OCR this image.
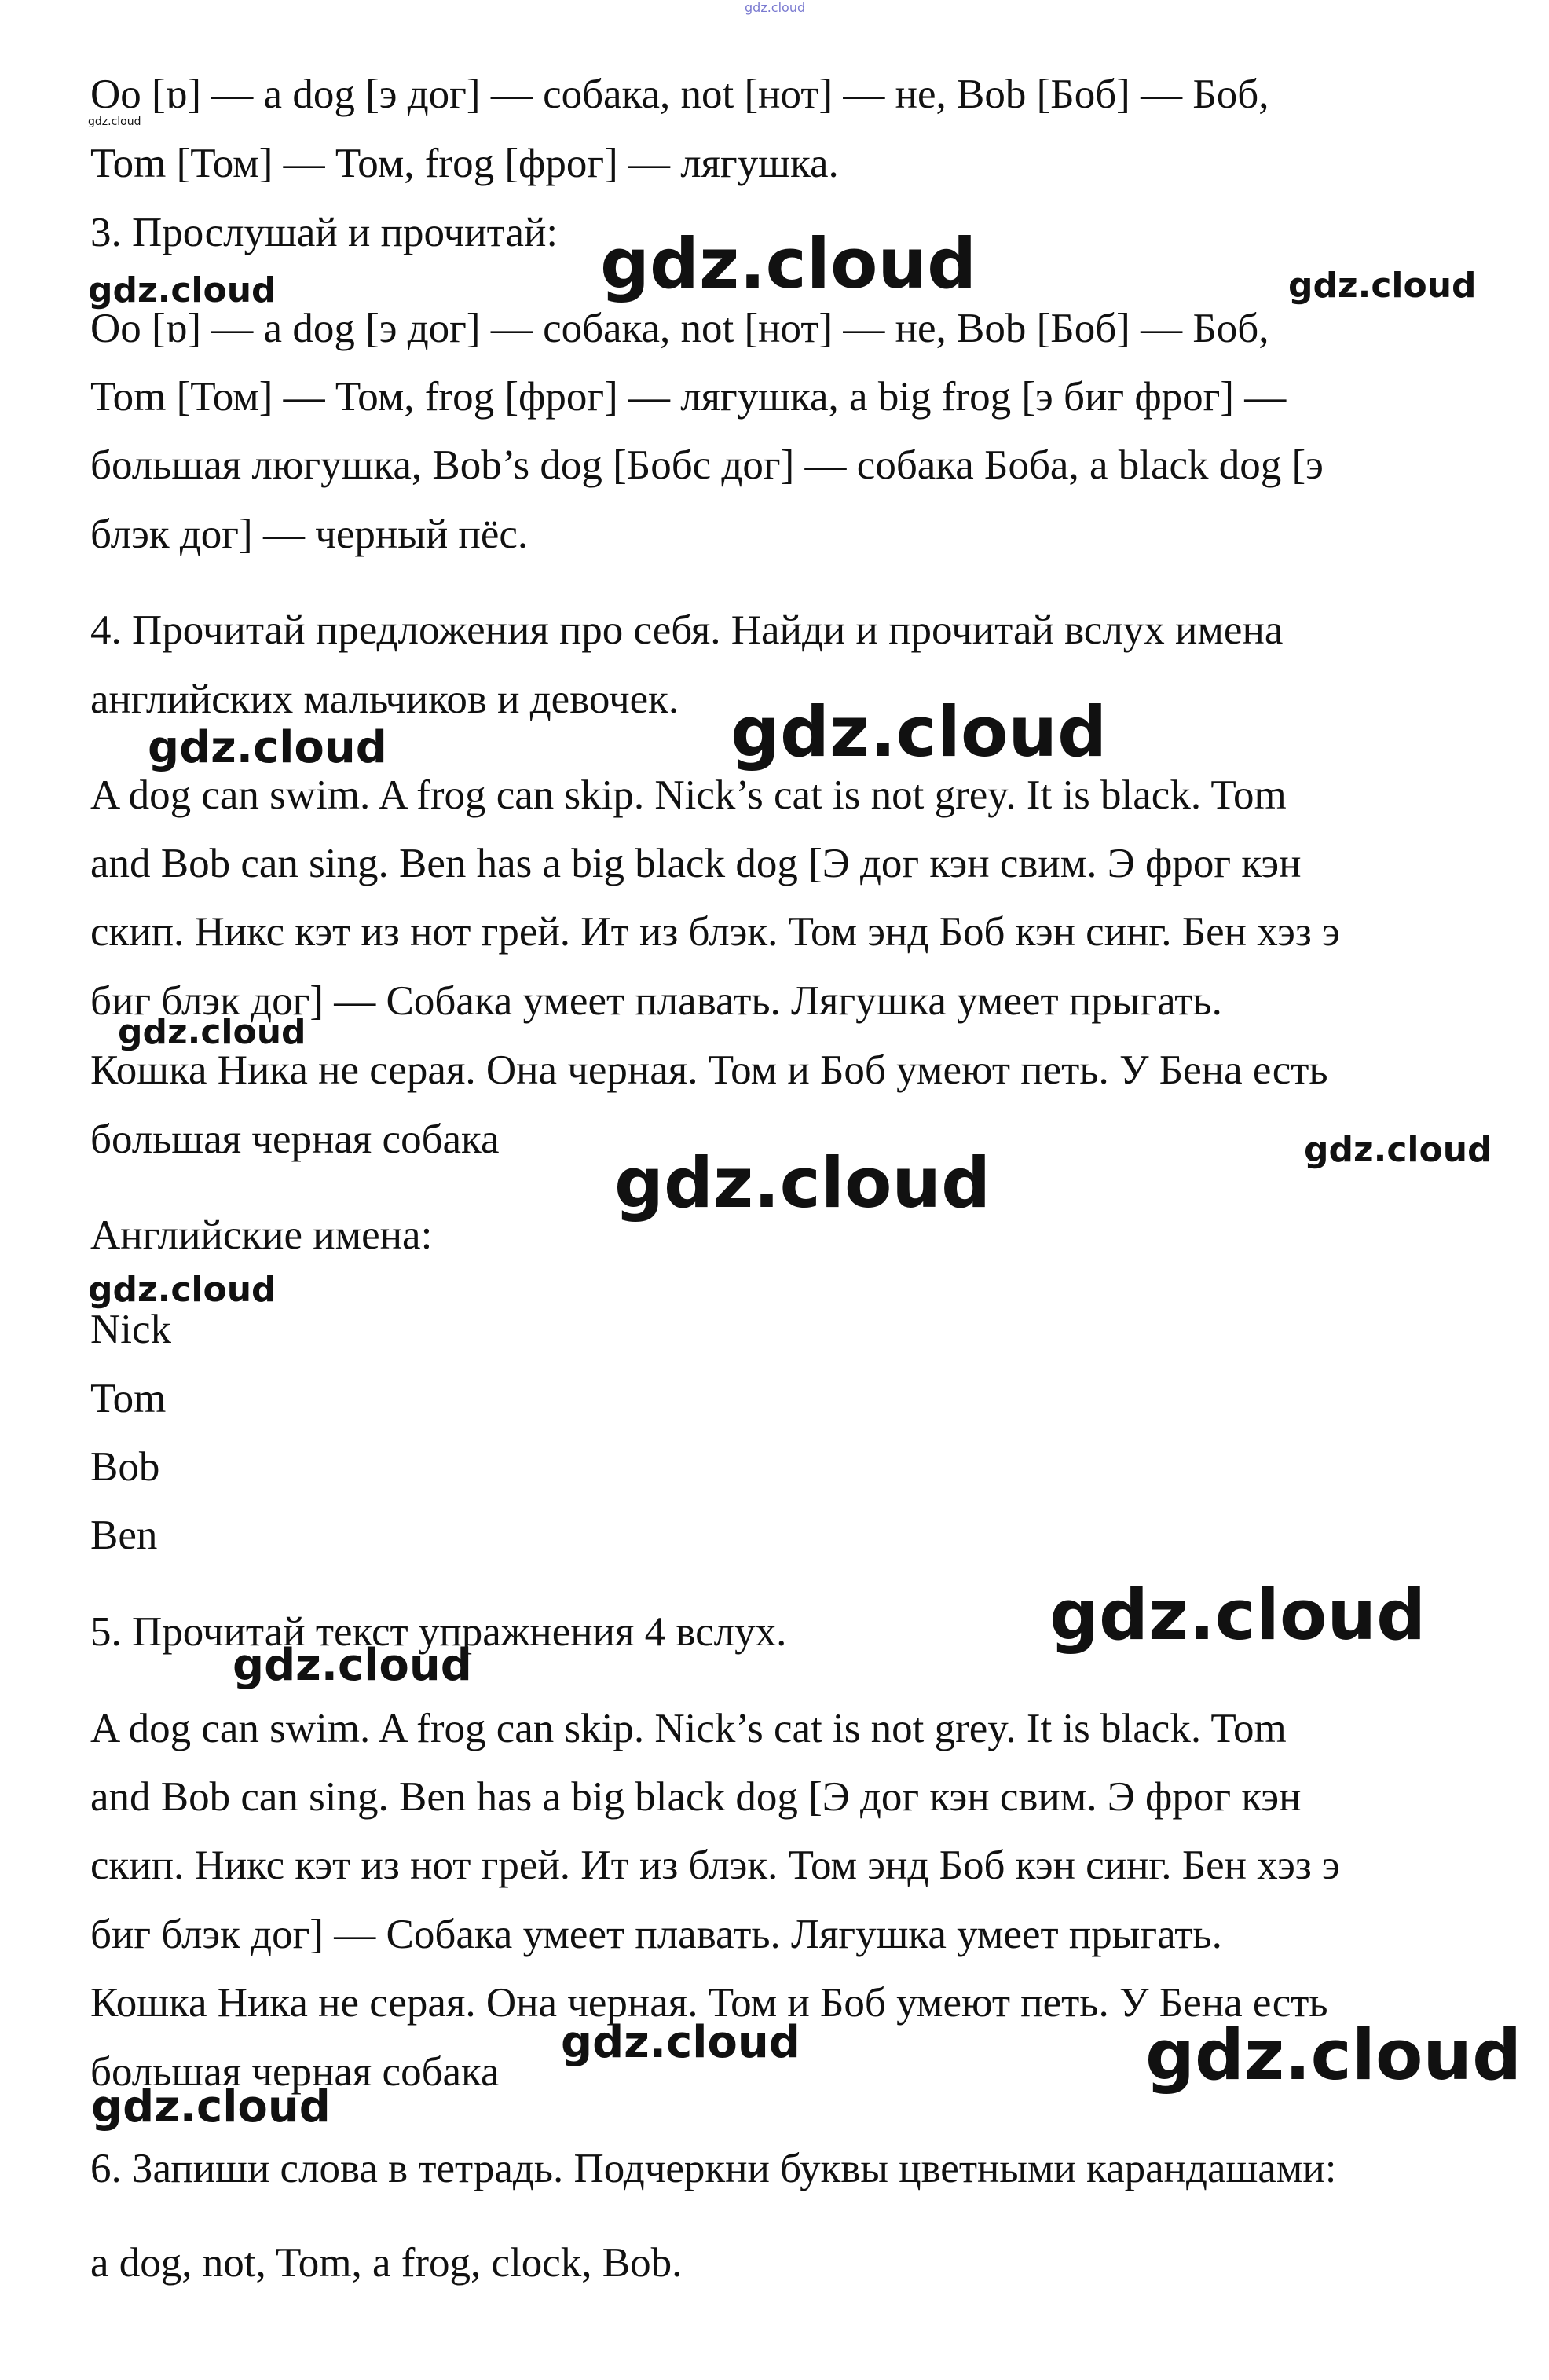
gdz.cloud
Oo [ɒ] — a dog [э дог] — собака, not [нот] — не, Bob [Боб] — Боб,
gdz.cloud
Tom [Том] — Том, frog [фрог] — лягушка.
3. Прослушай и прочитай: gdz.cloud
gdz.cloud	gdz.cloud
Oo [ɒ] — a dog [э дог] — собака, not [нот] — не, Bob [Боб] — Боб,
Tom [Том] — Том, frog [фрог] — лягушка, a big frog [э биг фрог] —
большая люгушка, Bob’s dog [Бобс дог] — собака Боба, a black dog [э
блэк дог] — черный пёс.
4. Прочитай предложения про себя. Найди и прочитай вслух имена
английских мальчиков и девочек. gdz.cloud
gdz.cloud
A dog can swim. A frog can skip. Nick’s cat is not grey. It is black. Tom
and Bob can sing. Ben has a big black dog [Э дог кэн свим. Э фрог кэн
скип. Никс кэт из нот грей. Ит из блэк. Том энд Боб кэн синг. Бен хэз э
биг блэк дог] — Собака умеет плавать. Лягушка умеет прыгать.
gdz.cloud
Кошка Ника не серая. Она черная. Том и Боб умеют петь. У Бена есть
большая черная собака
gdz.cloud	gdz.cloud
Английские имена:
gdz.cloud
Nick
Tom
Bob
Ben
5. Прочитай текст упражнения 4 вслух.	gdz.cloud
gdz.cloud
A dog can swim. A frog can skip. Nick’s cat is not grey. It is black. Tom
and Bob can sing. Ben has a big black dog [Э дог кэн свим. Э фрог кэн
скип. Никс кэт из нот грей. Ит из блэк. Том энд Боб кэн синг. Бен хэз э
биг блэк дог] — Собака умеет плавать. Лягушка умеет прыгать.
Кошка Ника не серая. Она черная. Том и Боб умеют петь. У Бена есть
большая черная собака
gdz.cloud	gdz.cloud
gdz.cloud
6. Запиши слова в тетрадь. Подчеркни буквы цветными карандашами:
a dog, not, Tom, a frog, clock, Bob.
